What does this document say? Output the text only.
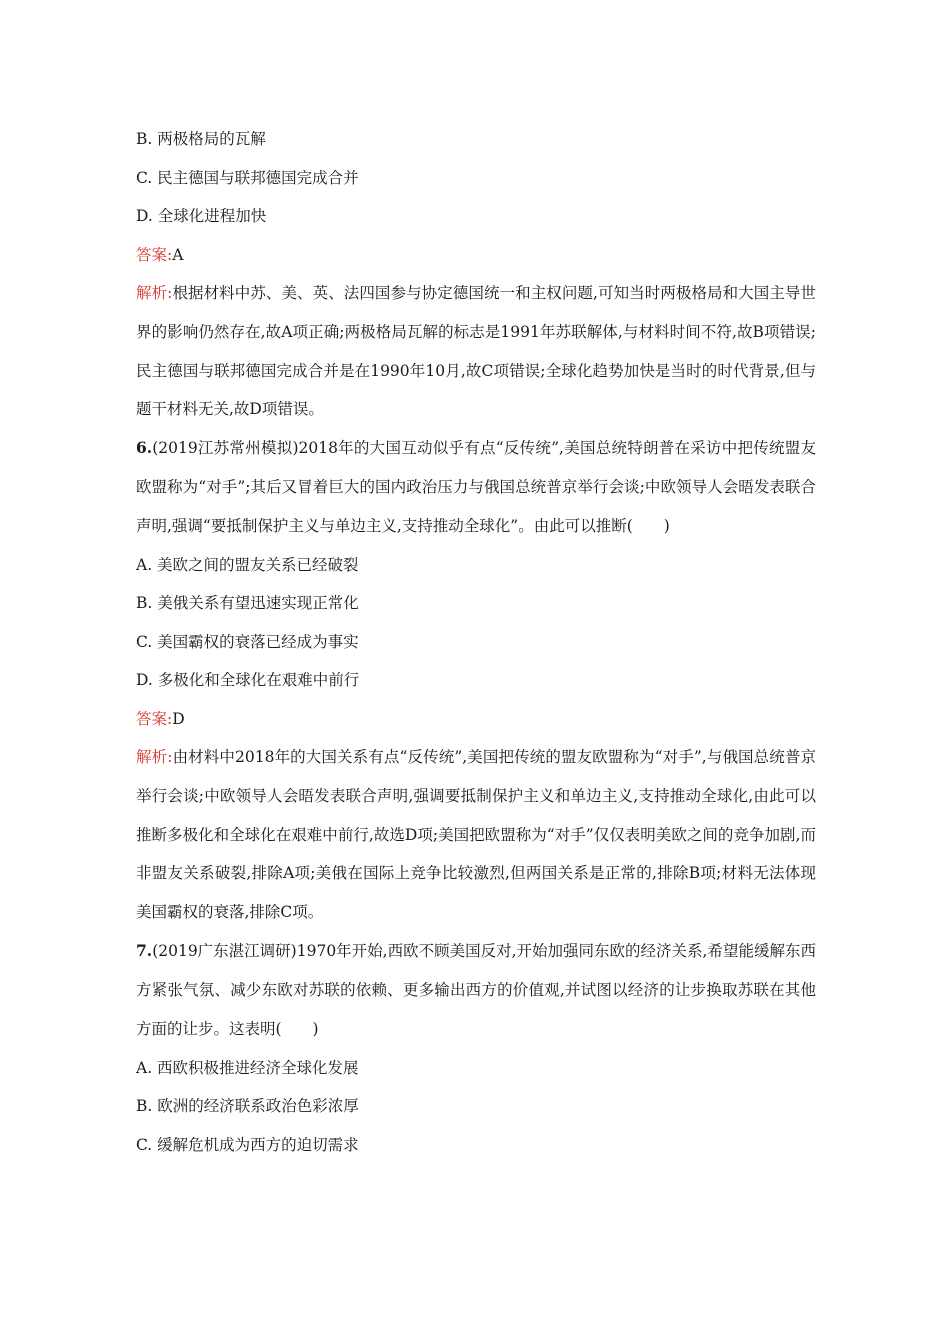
B. 两极格局的瓦解
C. 民主德国与联邦德国完成合并
D. 全球化进程加快
答案: A

解析:根据材料中苏、美、英、法四国参与协定德国统一和主权问题,可知当时两极格局和大国主导世界的影响仍然存在,故A项正确;两极格局瓦解的标志是1991年苏联解体,与材料时间不符,故B项错误;民主德国与联邦德国完成合并是在1990年10月,故C项错误;全球化趋势加快是当时的时代背景,但与题干材料无关,故D项错误。

6.(2019江苏常州模拟)2018年的大国互动似乎有点“反传统”,美国总统特朗普在采访中把传统盟友欧盟称为“对手”;其后又冒着巨大的国内政治压力与俄国总统普京举行会谈;中欧领导人会晤发表联合声明,强调“要抵制保护主义与单边主义,支持推动全球化”。由此可以推断(　　)

A. 美欧之间的盟友关系已经破裂
B. 美俄关系有望迅速实现正常化
C. 美国霸权的衰落已经成为事实
D. 多极化和全球化在艰难中前行
答案: D

解析:由材料中2018年的大国关系有点“反传统”,美国把传统的盟友欧盟称为“对手”,与俄国总统普京举行会谈;中欧领导人会晤发表联合声明,强调要抵制保护主义和单边主义,支持推动全球化,由此可以推断多极化和全球化在艰难中前行,故选D项;美国把欧盟称为“对手”仅仅表明美欧之间的竞争加剧,而非盟友关系破裂,排除A项;美俄在国际上竞争比较激烈,但两国关系是正常的,排除B项;材料无法体现美国霸权的衰落,排除C项。

7.(2019广东湛江调研)1970年开始,西欧不顾美国反对,开始加强同东欧的经济关系,希望能缓解东西方紧张气氛、减少东欧对苏联的依赖、更多输出西方的价值观,并试图以经济的让步换取苏联在其他方面的让步。这表明(　　)

A. 西欧积极推进经济全球化发展
B. 欧洲的经济联系政治色彩浓厚
C. 缓解危机成为西方的迫切需求
